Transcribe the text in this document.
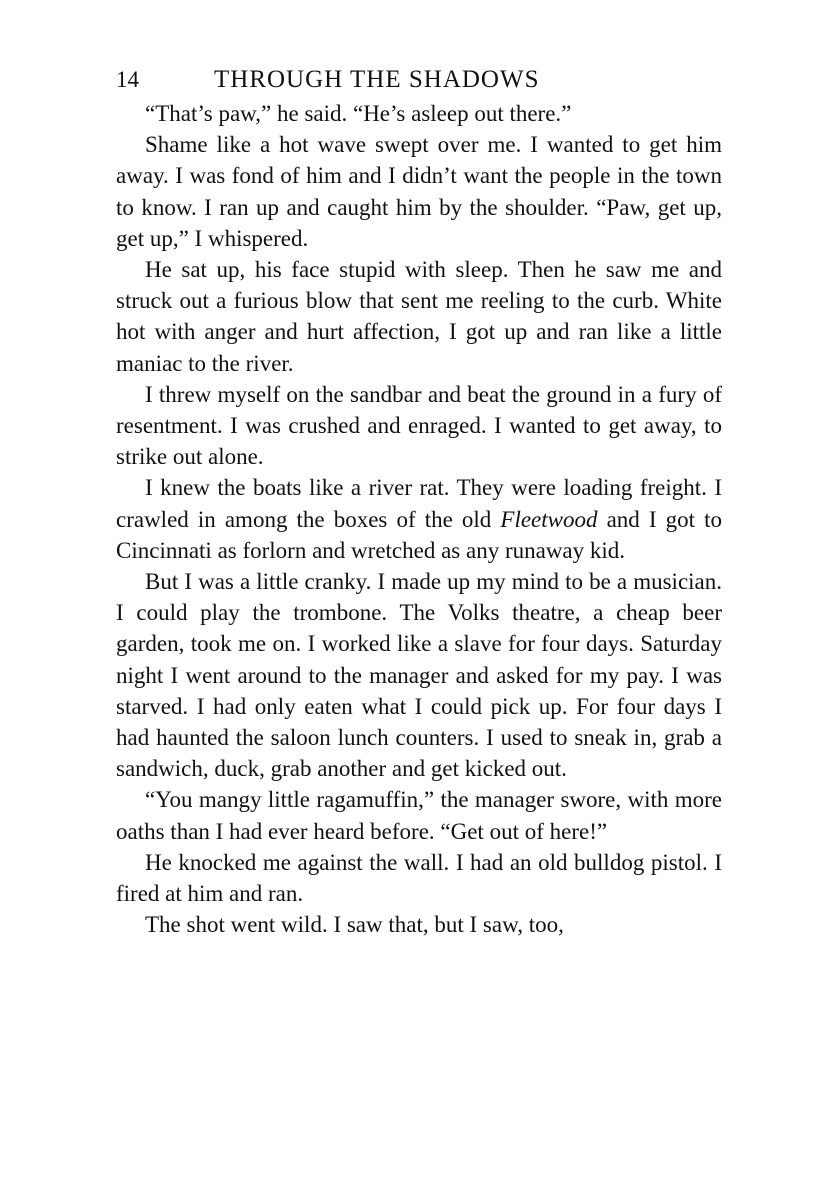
14	THROUGH THE SHADOWS

“That’s paw,” he said. “He’s asleep out there.”

Shame like a hot wave swept over me. I wanted to get him away. I was fond of him and I didn’t want the people in the town to know. I ran up and caught him by the shoulder. “Paw, get up, get up,” I whispered.

He sat up, his face stupid with sleep. Then he saw me and struck out a furious blow that sent me reeling to the curb. White hot with anger and hurt affection, I got up and ran like a little maniac to the river.

I threw myself on the sandbar and beat the ground in a fury of resentment. I was crushed and enraged. I wanted to get away, to strike out alone.

I knew the boats like a river rat. They were loading freight. I crawled in among the boxes of the old Fleetwood and I got to Cincinnati as forlorn and wretched as any runaway kid.

But I was a little cranky. I made up my mind to be a musician. I could play the trombone. The Volks theatre, a cheap beer garden, took me on. I worked like a slave for four days. Saturday night I went around to the manager and asked for my pay. I was starved. I had only eaten what I could pick up. For four days I had haunted the saloon lunch counters. I used to sneak in, grab a sandwich, duck, grab another and get kicked out.

“You mangy little ragamuffin,” the manager swore, with more oaths than I had ever heard before. “Get out of here!”

He knocked me against the wall. I had an old bulldog pistol. I fired at him and ran.

The shot went wild. I saw that, but I saw, too,
